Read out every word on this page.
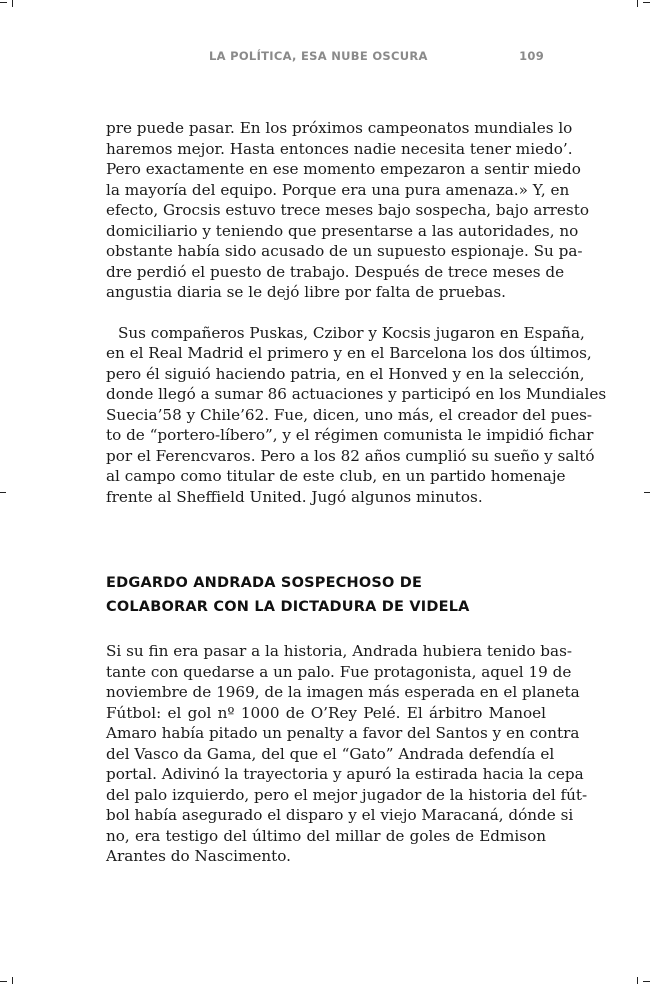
LA POLÍTICA, ESA NUBE OSCURA	109
pre puede pasar. En los próximos campeonatos mundiales lo
haremos mejor. Hasta entonces nadie necesita tener miedo’.
Pero exactamente en ese momento empezaron a sentir miedo
la mayoría del equipo. Porque era una pura amenaza.» Y, en
efecto, Grocsis estuvo trece meses bajo sospecha, bajo arresto
domiciliario y teniendo que presentarse a las autoridades, no
obstante había sido acusado de un supuesto espionaje. Su pa-
dre perdió el puesto de trabajo. Después de trece meses de
angustia diaria se le dejó libre por falta de pruebas.
Sus compañeros Puskas, Czibor y Kocsis jugaron en España,
en el Real Madrid el primero y en el Barcelona los dos últimos,
pero él siguió haciendo patria, en el Honved y en la selección,
donde llegó a sumar 86 actuaciones y participó en los Mundiales
Suecia’58 y Chile’62. Fue, dicen, uno más, el creador del pues-
to de “portero-líbero”, y el régimen comunista le impidió fichar
por el Ferencvaros. Pero a los 82 años cumplió su sueño y saltó
al campo como titular de este club, en un partido homenaje
frente al Sheffield United. Jugó algunos minutos.
EDGARDO ANDRADA SOSPECHOSO DE
COLABORAR CON LA DICTADURA DE VIDELA
Si su fin era pasar a la historia, Andrada hubiera tenido bas-
tante con quedarse a un palo. Fue protagonista, aquel 19 de
noviembre de 1969, de la imagen más esperada en el planeta
Fútbol: el gol nº 1000 de O’Rey Pelé. El árbitro Manoel
Amaro había pitado un penalty a favor del Santos y en contra
del Vasco da Gama, del que el “Gato” Andrada defendía el
portal. Adivinó la trayectoria y apuró la estirada hacia la cepa
del palo izquierdo, pero el mejor jugador de la historia del fút-
bol había asegurado el disparo y el viejo Maracaná, dónde si
no, era testigo del último del millar de goles de Edmison
Arantes do Nascimento.
